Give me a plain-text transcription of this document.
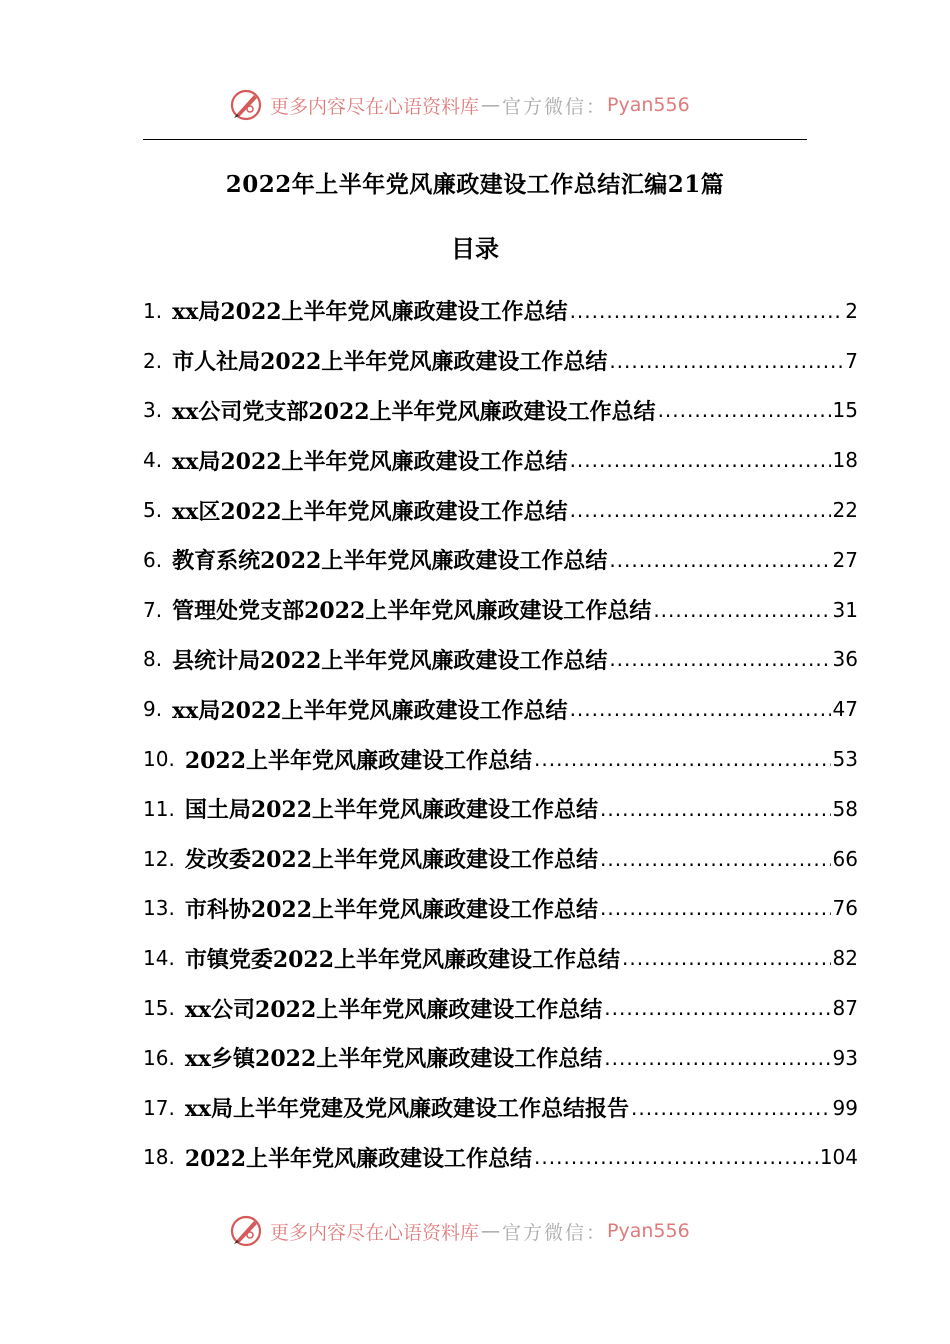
更多内容尽在心语资料库 — 官方微信： Pyan556
2022年上半年党风廉政建设工作总结汇编21篇
目录
1. xx局2022上半年党风廉政建设工作总结 .....	2
2. 市人社局2022上半年党风廉政建设工作总结 .....	7
3. xx公司党支部2022上半年党风廉政建设工作总结 .....	15
4. xx局2022上半年党风廉政建设工作总结 .....	18
5. xx区2022上半年党风廉政建设工作总结 .....	22
6. 教育系统2022上半年党风廉政建设工作总结 .....	27
7. 管理处党支部2022上半年党风廉政建设工作总结 .....	31
8. 县统计局2022上半年党风廉政建设工作总结 .....	36
9. xx局2022上半年党风廉政建设工作总结 .....	47
10. 2022上半年党风廉政建设工作总结 .....	53
11. 国土局2022上半年党风廉政建设工作总结 .....	58
12. 发改委2022上半年党风廉政建设工作总结 .....	66
13. 市科协2022上半年党风廉政建设工作总结 .....	76
14. 市镇党委2022上半年党风廉政建设工作总结 .....	82
15. xx公司2022上半年党风廉政建设工作总结 .....	87
16. xx乡镇2022上半年党风廉政建设工作总结 .....	93
17. xx局上半年党建及党风廉政建设工作总结报告 .....	99
18. 2022上半年党风廉政建设工作总结 .....	104
更多内容尽在心语资料库 — 官方微信： Pyan556
